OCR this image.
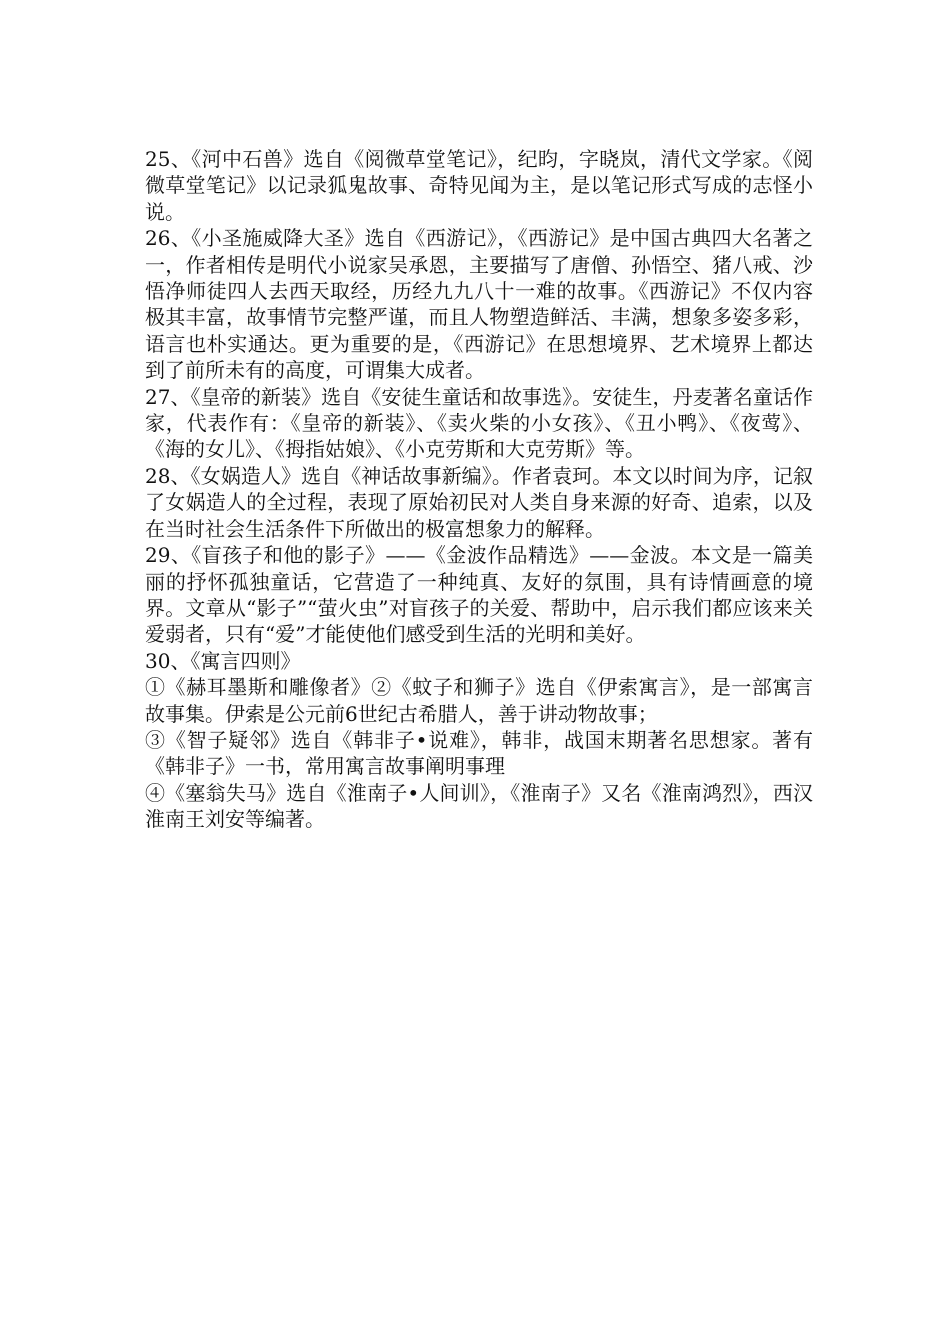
25、《河中石兽》选自《阅微草堂笔记》，纪昀，字晓岚，清代文学家。《阅微草堂笔记》以记录狐鬼故事、奇特见闻为主，是以笔记形式写成的志怪小说。

26、《小圣施威降大圣》选自《西游记》，《西游记》是中国古典四大名著之一，作者相传是明代小说家吴承恩，主要描写了唐僧、孙悟空、猪八戒、沙悟净师徒四人去西天取经，历经九九八十一难的故事。《西游记》不仅内容极其丰富，故事情节完整严谨，而且人物塑造鲜活、丰满，想象多姿多彩，语言也朴实通达。更为重要的是，《西游记》在思想境界、艺术境界上都达到了前所未有的高度，可谓集大成者。

27、《皇帝的新装》选自《安徒生童话和故事选》。安徒生，丹麦著名童话作家，代表作有：《皇帝的新装》、《卖火柴的小女孩》、《丑小鸭》、《夜莺》、《海的女儿》、《拇指姑娘》、《小克劳斯和大克劳斯》等。

28、《女娲造人》选自《神话故事新编》。作者袁珂。本文以时间为序，记叙了女娲造人的全过程，表现了原始初民对人类自身来源的好奇、追索，以及在当时社会生活条件下所做出的极富想象力的解释。

29、《盲孩子和他的影子》——《金波作品精选》——金波。本文是一篇美丽的抒怀孤独童话，它营造了一种纯真、友好的氛围，具有诗情画意的境界。文章从“影子”“萤火虫”对盲孩子的关爱、帮助中，启示我们都应该来关爱弱者，只有“爱”才能使他们感受到生活的光明和美好。

30、《寓言四则》

①《赫耳墨斯和雕像者》②《蚊子和狮子》选自《伊索寓言》，是一部寓言故事集。伊索是公元前6世纪古希腊人，善于讲动物故事；

③《智子疑邻》选自《韩非子•说难》，韩非，战国末期著名思想家。著有《韩非子》一书，常用寓言故事阐明事理

④《塞翁失马》选自《淮南子•人间训》，《淮南子》又名《淮南鸿烈》，西汉淮南王刘安等编著。
